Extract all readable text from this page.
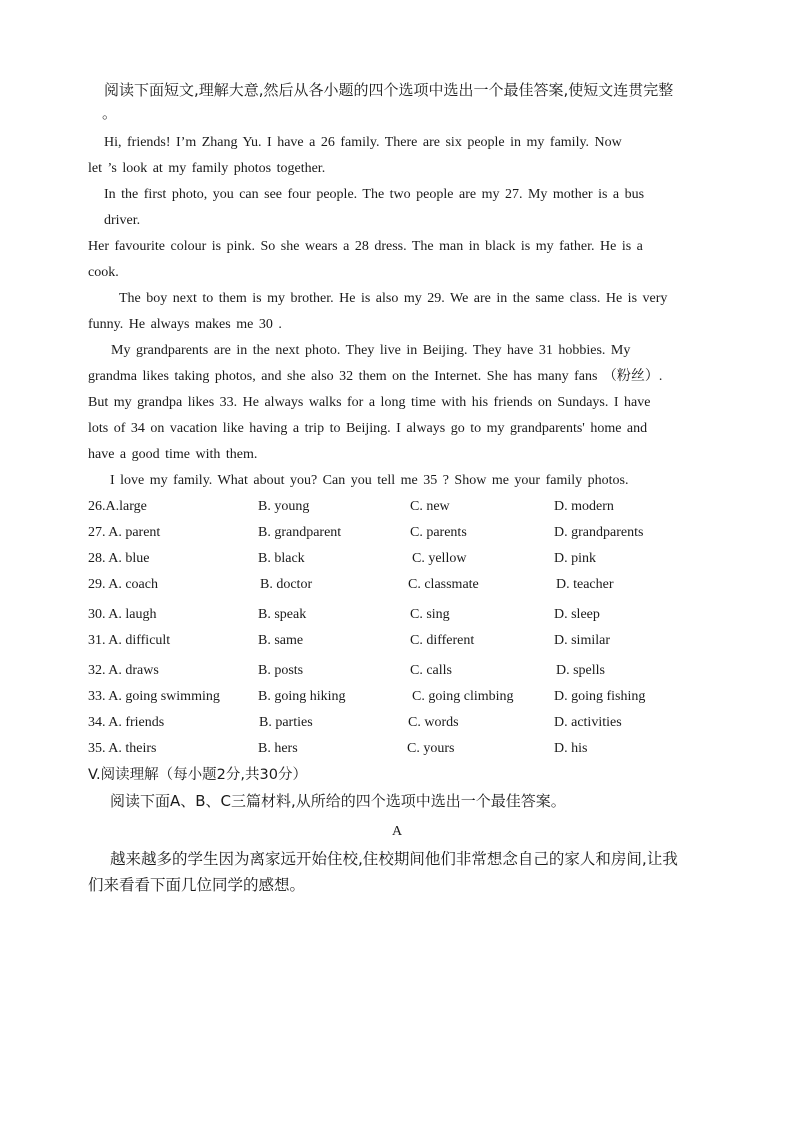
阅读下面短文,理解大意,然后从各小题的四个选项中选出一个最佳答案,使短文连贯完整
。
Hi, friends! I’m Zhang Yu. I have a 26 family. There are six people in my family. Now
let ’s look at my family photos together.
In the first photo, you can see four people. The two people are my 27. My mother is a bus
driver.
Her favourite colour is pink. So she wears a 28 dress. The man in black is my father. He is a
cook.
The boy next to them is my brother. He is also my 29. We are in the same class. He is very
funny. He always makes me 30 .
My grandparents are in the next photo. They live in Beijing. They have 31 hobbies. My
grandma likes taking photos, and she also 32 them on the Internet. She has many fans （粉丝）.
But my grandpa likes 33. He always walks for a long time with his friends on Sundays. I have
lots of 34 on vacation like having a trip to Beijing. I always go to my grandparents' home and
have a good time with them.
I love my family. What about you? Can you tell me 35 ? Show me your family photos.
26.A.large	B. young	C. new	D. modern
27. A. parent	B. grandparent	C. parents	D. grandparents
28. A. blue	B. black	C. yellow	D. pink
29. A. coach	B. doctor	C. classmate	D. teacher
30. A. laugh	B. speak	C. sing	D. sleep
31. A. difficult	B. same	C. different	D. similar
32. A. draws	B. posts	C. calls	D. spells
33. A. going swimming	B. going hiking	C. going climbing	D. going fishing
34. A. friends	B. parties	C. words	D. activities
35. A. theirs	B. hers	C. yours	D. his
V.阅读理解（每小题2分,共30分）
阅读下面A、B、C三篇材料,从所给的四个选项中选出一个最佳答案。
A
越来越多的学生因为离家远开始住校,住校期间他们非常想念自己的家人和房间,让我
们来看看下面几位同学的感想。
